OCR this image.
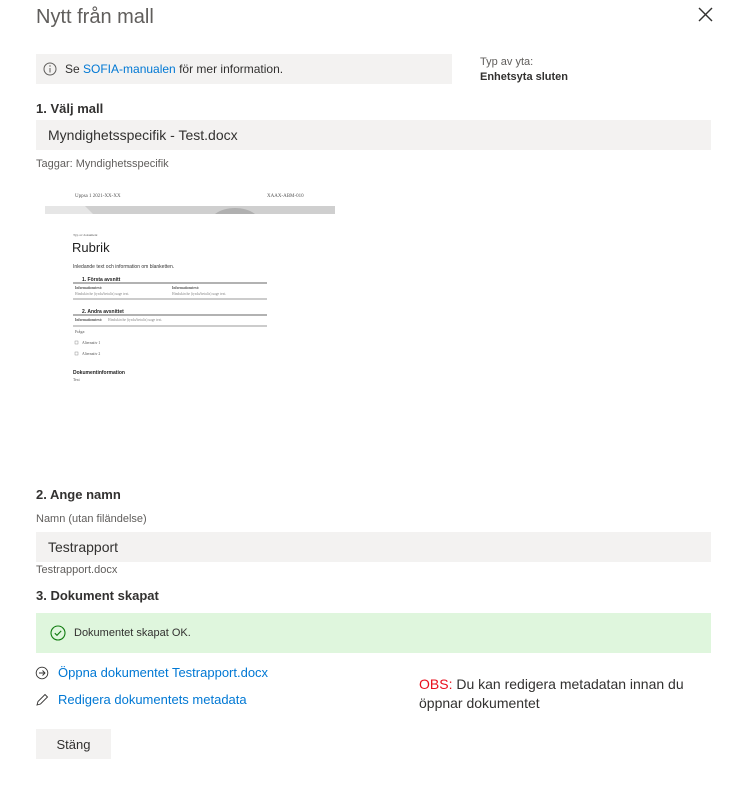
Nytt från mall
Se SOFIA-manualen för mer information.	Typ av yta:
Enhetsyta sluten
1. Välj mall
Myndighetsspecifik - Test.docx
Taggar: Myndighetsspecifik
Uppsa 1 2021-XX-XX	XAAX-ABM-010
Typ av dokument
Rubrik
Inledande text och information om blanketten.
1. Första avsnitt
Informationstext:
Hindukirche (tysda/betulis) uage text.
Informationstext:
Hindukirche (tysda/betulis) uage text.
2. Andra avsnittet
Informationstext: Hindukirche (tysda/betulis) uage text.
Fråga:
Alternativ 1
Alternativ 2
Dokumentinformation
Text
2. Ange namn
Namn (utan filändelse)
Testrapport
Testrapport.docx
3. Dokument skapat
Dokumentet skapat OK.
Öppna dokumentet Testrapport.docx
Redigera dokumentets metadata
OBS: Du kan redigera metadatan innan du öppnar dokumentet
Stäng
